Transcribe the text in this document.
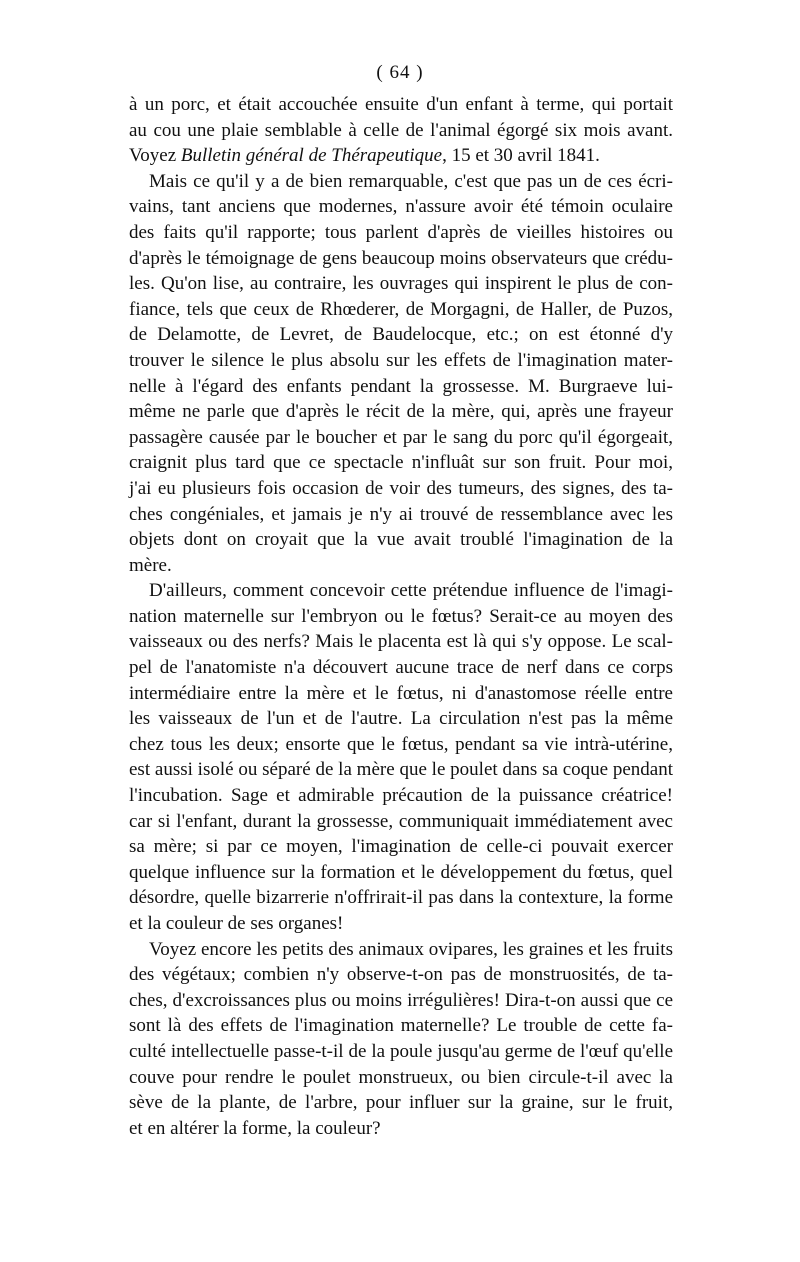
( 64 )
à un porc, et était accouchée ensuite d'un enfant à terme, qui portait
au cou une plaie semblable à celle de l'animal égorgé six mois avant.
Voyez Bulletin général de Thérapeutique, 15 et 30 avril 1841.
Mais ce qu'il y a de bien remarquable, c'est que pas un de ces écri-
vains, tant anciens que modernes, n'assure avoir été témoin oculaire
des faits qu'il rapporte; tous parlent d'après de vieilles histoires ou
d'après le témoignage de gens beaucoup moins observateurs que crédu-
les. Qu'on lise, au contraire, les ouvrages qui inspirent le plus de con-
fiance, tels que ceux de Rhœderer, de Morgagni, de Haller, de Puzos,
de Delamotte, de Levret, de Baudelocque, etc.; on est étonné d'y
trouver le silence le plus absolu sur les effets de l'imagination mater-
nelle à l'égard des enfants pendant la grossesse. M. Burgraeve lui-
même ne parle que d'après le récit de la mère, qui, après une frayeur
passagère causée par le boucher et par le sang du porc qu'il égorgeait,
craignit plus tard que ce spectacle n'influât sur son fruit. Pour moi,
j'ai eu plusieurs fois occasion de voir des tumeurs, des signes, des ta-
ches congéniales, et jamais je n'y ai trouvé de ressemblance avec les
objets dont on croyait que la vue avait troublé l'imagination de la
mère.
D'ailleurs, comment concevoir cette prétendue influence de l'imagi-
nation maternelle sur l'embryon ou le fœtus? Serait-ce au moyen des
vaisseaux ou des nerfs? Mais le placenta est là qui s'y oppose. Le scal-
pel de l'anatomiste n'a découvert aucune trace de nerf dans ce corps
intermédiaire entre la mère et le fœtus, ni d'anastomose réelle entre
les vaisseaux de l'un et de l'autre. La circulation n'est pas la même
chez tous les deux; ensorte que le fœtus, pendant sa vie intrà-utérine,
est aussi isolé ou séparé de la mère que le poulet dans sa coque pendant
l'incubation. Sage et admirable précaution de la puissance créatrice!
car si l'enfant, durant la grossesse, communiquait immédiatement avec
sa mère; si par ce moyen, l'imagination de celle-ci pouvait exercer
quelque influence sur la formation et le développement du fœtus, quel
désordre, quelle bizarrerie n'offrirait-il pas dans la contexture, la forme
et la couleur de ses organes!
Voyez encore les petits des animaux ovipares, les graines et les fruits
des végétaux; combien n'y observe-t-on pas de monstruosités, de ta-
ches, d'excroissances plus ou moins irrégulières! Dira-t-on aussi que ce
sont là des effets de l'imagination maternelle? Le trouble de cette fa-
culté intellectuelle passe-t-il de la poule jusqu'au germe de l'œuf qu'elle
couve pour rendre le poulet monstrueux, ou bien circule-t-il avec la
sève de la plante, de l'arbre, pour influer sur la graine, sur le fruit,
et en altérer la forme, la couleur?
